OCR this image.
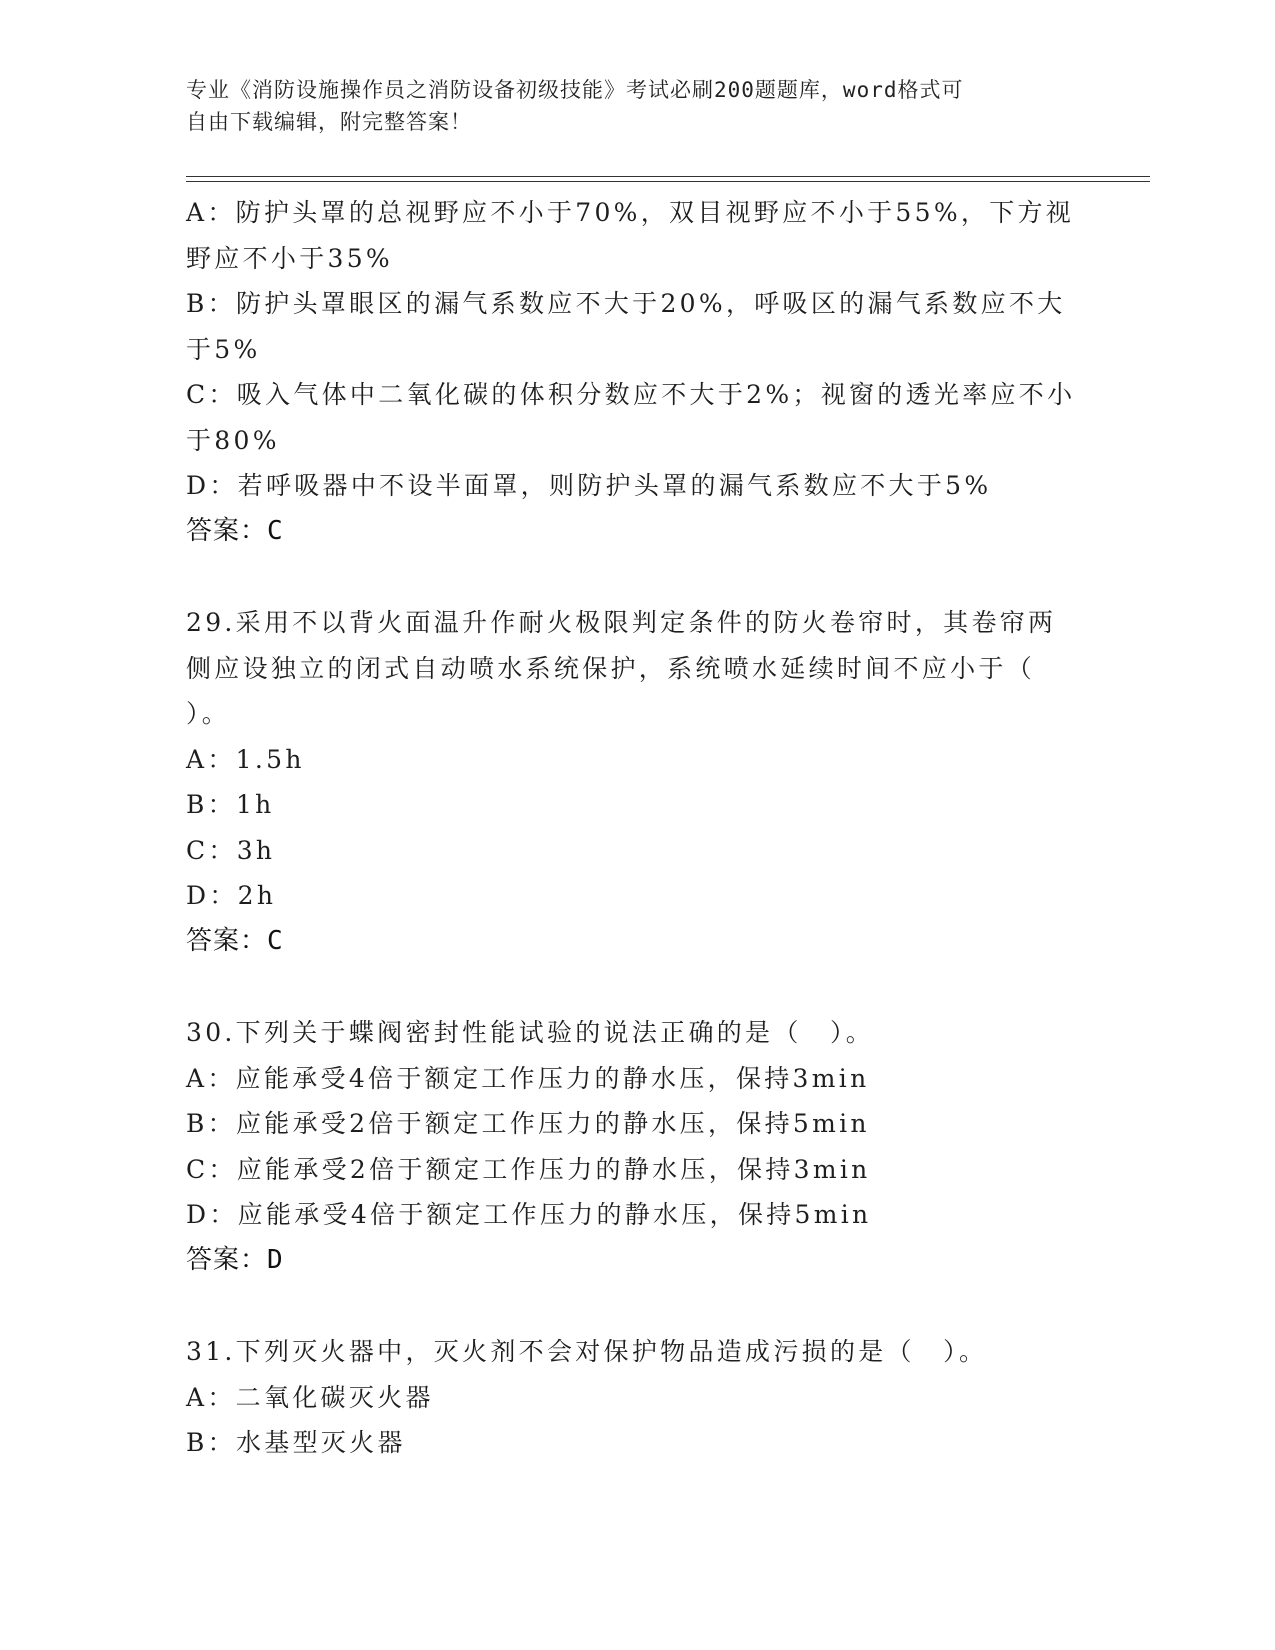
专业《消防设施操作员之消防设备初级技能》考试必刷200题题库，word格式可
自由下载编辑，附完整答案！
A：防护头罩的总视野应不小于70%，双目视野应不小于55%，下方视
野应不小于35%
B：防护头罩眼区的漏气系数应不大于20%，呼吸区的漏气系数应不大
于5%
C：吸入气体中二氧化碳的体积分数应不大于2%；视窗的透光率应不小
于80%
D：若呼吸器中不设半面罩，则防护头罩的漏气系数应不大于5%
答案：C
29.采用不以背火面温升作耐火极限判定条件的防火卷帘时，其卷帘两
侧应设独立的闭式自动喷水系统保护，系统喷水延续时间不应小于（
）。
A：1.5h
B：1h
C：3h
D：2h
答案：C
30.下列关于蝶阀密封性能试验的说法正确的是（　）。
A：应能承受4倍于额定工作压力的静水压，保持3min
B：应能承受2倍于额定工作压力的静水压，保持5min
C：应能承受2倍于额定工作压力的静水压，保持3min
D：应能承受4倍于额定工作压力的静水压，保持5min
答案：D
31.下列灭火器中，灭火剂不会对保护物品造成污损的是（　）。
A：二氧化碳灭火器
B：水基型灭火器
